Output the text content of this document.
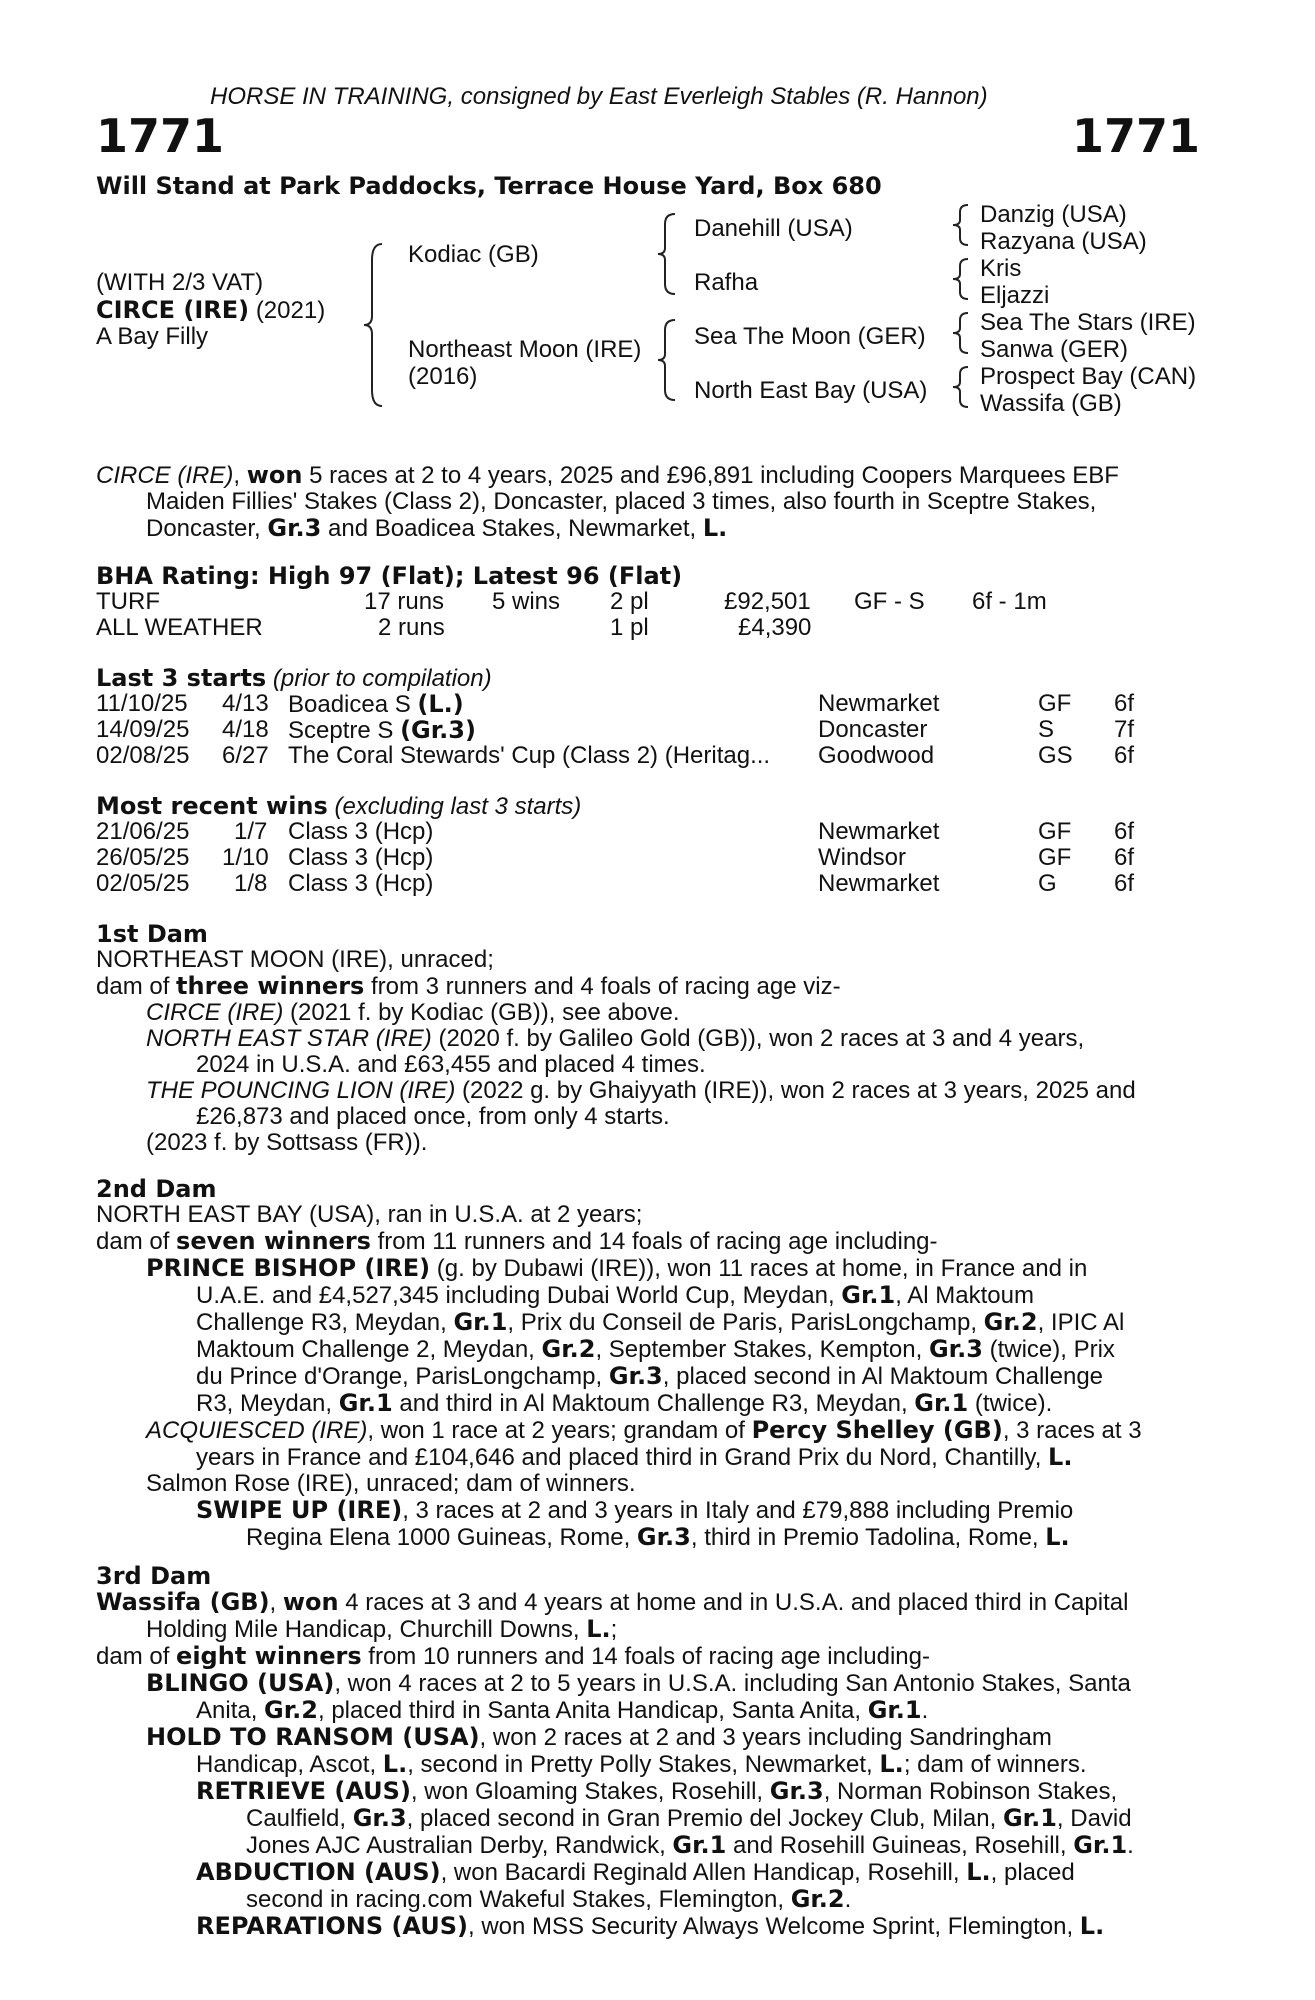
HORSE IN TRAINING, consigned by East Everleigh Stables (R. Hannon)
1771	1771
Will Stand at Park Paddocks, Terrace House Yard, Box 680
(WITH 2/3 VAT)
CIRCE (IRE) (2021)
A Bay Filly
Kodiac (GB)
Northeast Moon (IRE)
(2016)
Danehill (USA)
Rafha
Sea The Moon (GER)
North East Bay (USA)
Danzig (USA)
Razyana (USA)
Kris
Eljazzi
Sea The Stars (IRE)
Sanwa (GER)
Prospect Bay (CAN)
Wassifa (GB)
CIRCE (IRE), won 5 races at 2 to 4 years, 2025 and £96,891 including Coopers Marquees EBF
Maiden Fillies' Stakes (Class 2), Doncaster, placed 3 times, also fourth in Sceptre Stakes,
Doncaster, Gr.3 and Boadicea Stakes, Newmarket, L.
BHA Rating: High 97 (Flat); Latest 96 (Flat)
TURF	17 runs 5 wins 2 pl	£92,501 GF - S 6f - 1m
ALL WEATHER	2 runs	1 pl	£4,390
Last 3 starts (prior to compilation)
11/10/25 4/13 Boadicea S (L.)	Newmarket	GF 6f
14/09/25 4/18 Sceptre S (Gr.3)	Doncaster	S 7f
02/08/25 6/27 The Coral Stewards' Cup (Class 2) (Heritag... Goodwood	GS 6f
Most recent wins (excluding last 3 starts)
21/06/25 1/7 Class 3 (Hcp)	Newmarket	GF 6f
26/05/25 1/10 Class 3 (Hcp)	Windsor	GF 6f
02/05/25 1/8 Class 3 (Hcp)	Newmarket	G 6f
1st Dam
NORTHEAST MOON (IRE), unraced;
dam of three winners from 3 runners and 4 foals of racing age viz-
CIRCE (IRE) (2021 f. by Kodiac (GB)), see above.
NORTH EAST STAR (IRE) (2020 f. by Galileo Gold (GB)), won 2 races at 3 and 4 years,
2024 in U.S.A. and £63,455 and placed 4 times.
THE POUNCING LION (IRE) (2022 g. by Ghaiyyath (IRE)), won 2 races at 3 years, 2025 and
£26,873 and placed once, from only 4 starts.
(2023 f. by Sottsass (FR)).
2nd Dam
NORTH EAST BAY (USA), ran in U.S.A. at 2 years;
dam of seven winners from 11 runners and 14 foals of racing age including-
PRINCE BISHOP (IRE) (g. by Dubawi (IRE)), won 11 races at home, in France and in
U.A.E. and £4,527,345 including Dubai World Cup, Meydan, Gr.1, Al Maktoum
Challenge R3, Meydan, Gr.1, Prix du Conseil de Paris, ParisLongchamp, Gr.2, IPIC Al
Maktoum Challenge 2, Meydan, Gr.2, September Stakes, Kempton, Gr.3 (twice), Prix
du Prince d'Orange, ParisLongchamp, Gr.3, placed second in Al Maktoum Challenge
R3, Meydan, Gr.1 and third in Al Maktoum Challenge R3, Meydan, Gr.1 (twice).
ACQUIESCED (IRE), won 1 race at 2 years; grandam of Percy Shelley (GB), 3 races at 3
years in France and £104,646 and placed third in Grand Prix du Nord, Chantilly, L.
Salmon Rose (IRE), unraced; dam of winners.
SWIPE UP (IRE), 3 races at 2 and 3 years in Italy and £79,888 including Premio
Regina Elena 1000 Guineas, Rome, Gr.3, third in Premio Tadolina, Rome, L.
3rd Dam
Wassifa (GB), won 4 races at 3 and 4 years at home and in U.S.A. and placed third in Capital
Holding Mile Handicap, Churchill Downs, L.;
dam of eight winners from 10 runners and 14 foals of racing age including-
BLINGO (USA), won 4 races at 2 to 5 years in U.S.A. including San Antonio Stakes, Santa
Anita, Gr.2, placed third in Santa Anita Handicap, Santa Anita, Gr.1.
HOLD TO RANSOM (USA), won 2 races at 2 and 3 years including Sandringham
Handicap, Ascot, L., second in Pretty Polly Stakes, Newmarket, L.; dam of winners.
RETRIEVE (AUS), won Gloaming Stakes, Rosehill, Gr.3, Norman Robinson Stakes,
Caulfield, Gr.3, placed second in Gran Premio del Jockey Club, Milan, Gr.1, David
Jones AJC Australian Derby, Randwick, Gr.1 and Rosehill Guineas, Rosehill, Gr.1.
ABDUCTION (AUS), won Bacardi Reginald Allen Handicap, Rosehill, L., placed
second in racing.com Wakeful Stakes, Flemington, Gr.2.
REPARATIONS (AUS), won MSS Security Always Welcome Sprint, Flemington, L.
